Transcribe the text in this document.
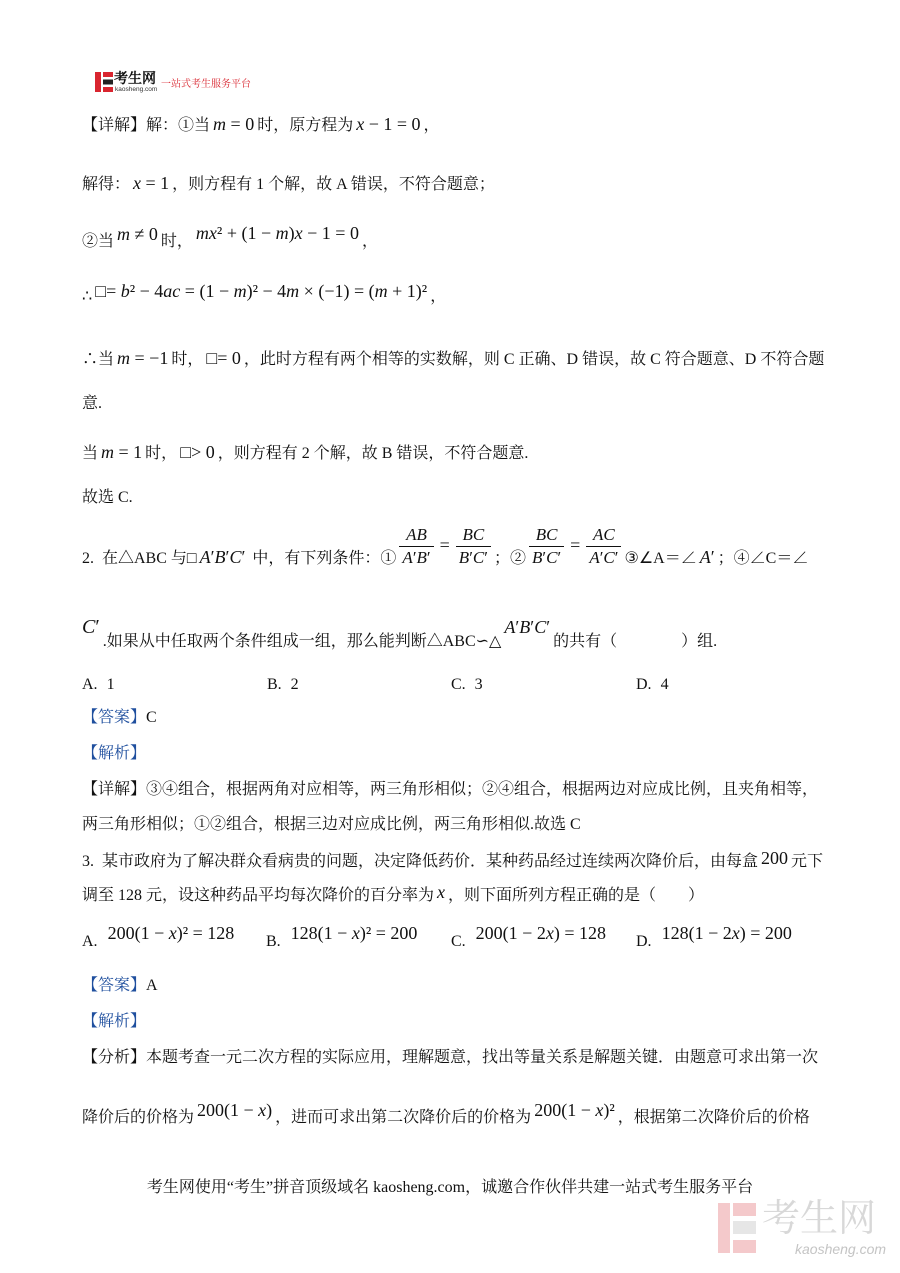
考生网
kaosheng.com 一站式考生服务平台
【详解】解：①当 m = 0 时，原方程为 x − 1 = 0 ，
解得： x = 1 ，则方程有 1 个解，故 A 错误，不符合题意；
②当 m ≠ 0 时， mx² + (1 − m)x − 1 = 0 ，
∴ □= b² − 4ac = (1 − m)² − 4m × (−1) = (m + 1)² ，
∴当 m = −1 时， □= 0 ，此时方程有两个相等的实数解，则 C 正确、D 错误，故 C 符合题意、D 不符合题
意.
当 m = 1 时， □> 0 ，则方程有 2 个解，故 B 错误，不符合题意.
故选 C.
2. 在△ABC 与□ A′B′C′ 中，有下列条件：① $\frac{AB}{A'B'} = \frac{BC}{B'C'}$ ；② $\frac{BC}{B'C'} = \frac{AC}{A'C'}$ ③∠A＝∠ A′ ；④∠C＝∠
C′.如果从中任取两个条件组成一组，那么能判断△ABC∽△A′B′C′的共有（　　　　）组.
A. 1	B. 2	C. 3	D. 4
【答案】C
【解析】
【详解】③④组合，根据两角对应相等，两三角形相似；②④组合，根据两边对应成比例，且夹角相等，
两三角形相似；①②组合，根据三边对应成比例，两三角形相似.故选 C
3. 某市政府为了解决群众看病贵的问题，决定降低药价．某种药品经过连续两次降价后，由每盒 200 元下
调至 128 元，设这种药品平均每次降价的百分率为 x ，则下面所列方程正确的是（　　）
A. 200(1 − x)² = 128 B. 128(1 − x)² = 200 C. 200(1 − 2x) = 128 D. 128(1 − 2x) = 200
【答案】A
【解析】
【分析】本题考查一元二次方程的实际应用，理解题意，找出等量关系是解题关键．由题意可求出第一次
降价后的价格为 200(1 − x) ，进而可求出第二次降价后的价格为 200(1 − x)² ，根据第二次降价后的价格
考生网使用“考生”拼音顶级域名 kaosheng.com，诚邀合作伙伴共建一站式考生服务平台
考生网
kaosheng.com
